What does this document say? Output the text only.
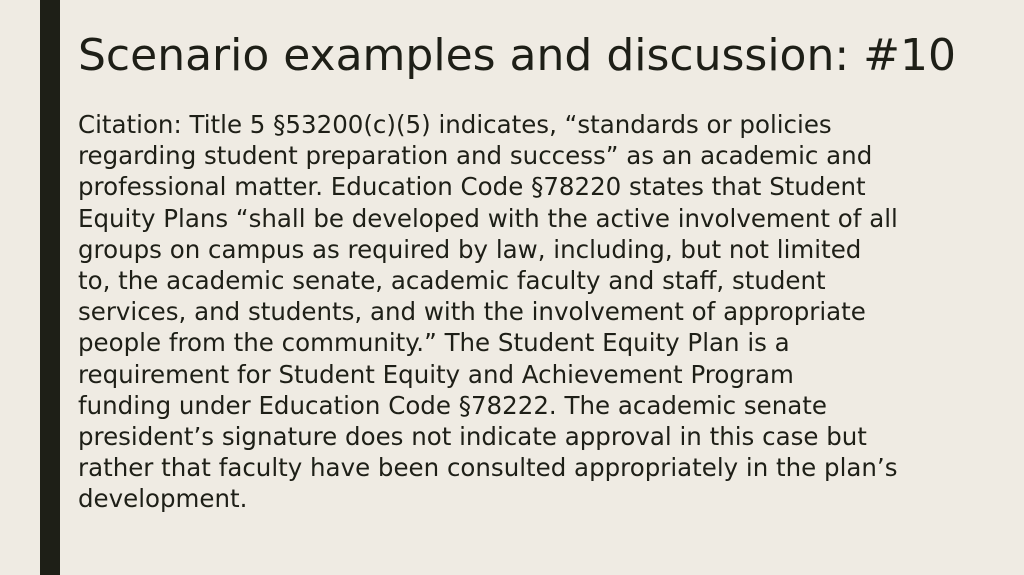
Scenario examples and discussion: #10
Citation: Title 5 §53200(c)(5) indicates, “standards or policies
regarding student preparation and success” as an academic and
professional matter. Education Code §78220 states that Student
Equity Plans “shall be developed with the active involvement of all
groups on campus as required by law, including, but not limited
to, the academic senate, academic faculty and staff, student
services, and students, and with the involvement of appropriate
people from the community.” The Student Equity Plan is a
requirement for Student Equity and Achievement Program
funding under Education Code §78222. The academic senate
president’s signature does not indicate approval in this case but
rather that faculty have been consulted appropriately in the plan’s
development.
